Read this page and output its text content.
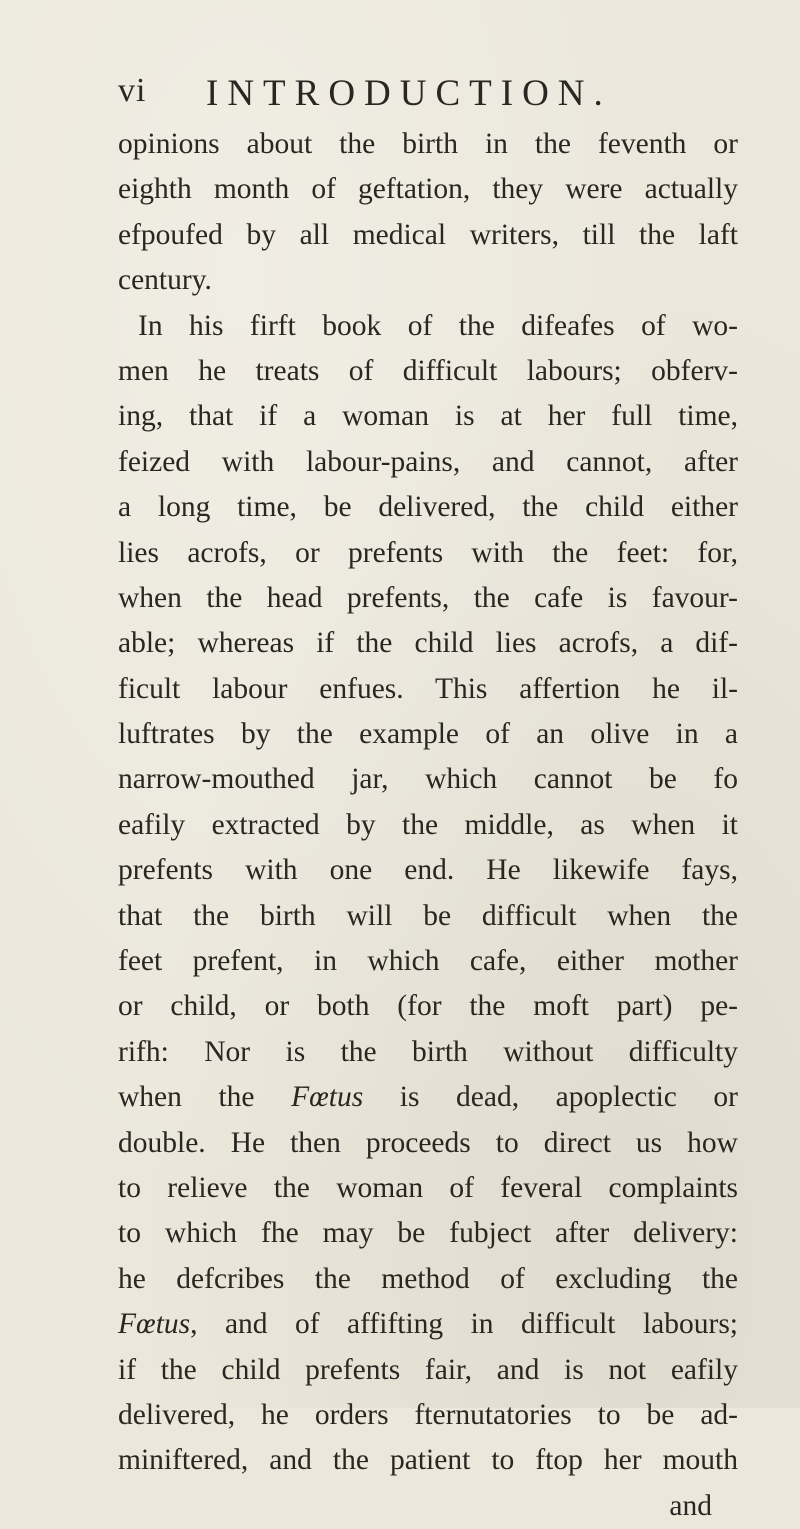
vi INTRODUCTION.
opinions about the birth in the feventh or
eighth month of geftation, they were actually
efpoufed by all medical writers, till the laft
century.
In his firft book of the difeafes of wo-
men he treats of difficult labours; obferv-
ing, that if a woman is at her full time,
feized with labour-pains, and cannot, after
a long time, be delivered, the child either
lies acrofs, or prefents with the feet: for,
when the head prefents, the cafe is favour-
able; whereas if the child lies acrofs, a dif-
ficult labour enfues. This affertion he il-
luftrates by the example of an olive in a
narrow-mouthed jar, which cannot be fo
eafily extracted by the middle, as when it
prefents with one end. He likewife fays,
that the birth will be difficult when the
feet prefent, in which cafe, either mother
or child, or both (for the moft part) pe-
rifh: Nor is the birth without difficulty
when the Fœtus is dead, apoplectic or
double. He then proceeds to direct us how
to relieve the woman of feveral complaints
to which fhe may be fubject after delivery:
he defcribes the method of excluding the
Fœtus, and of affifting in difficult labours;
if the child prefents fair, and is not eafily
delivered, he orders fternutatories to be ad-
miniftered, and the patient to ftop her mouth
and
